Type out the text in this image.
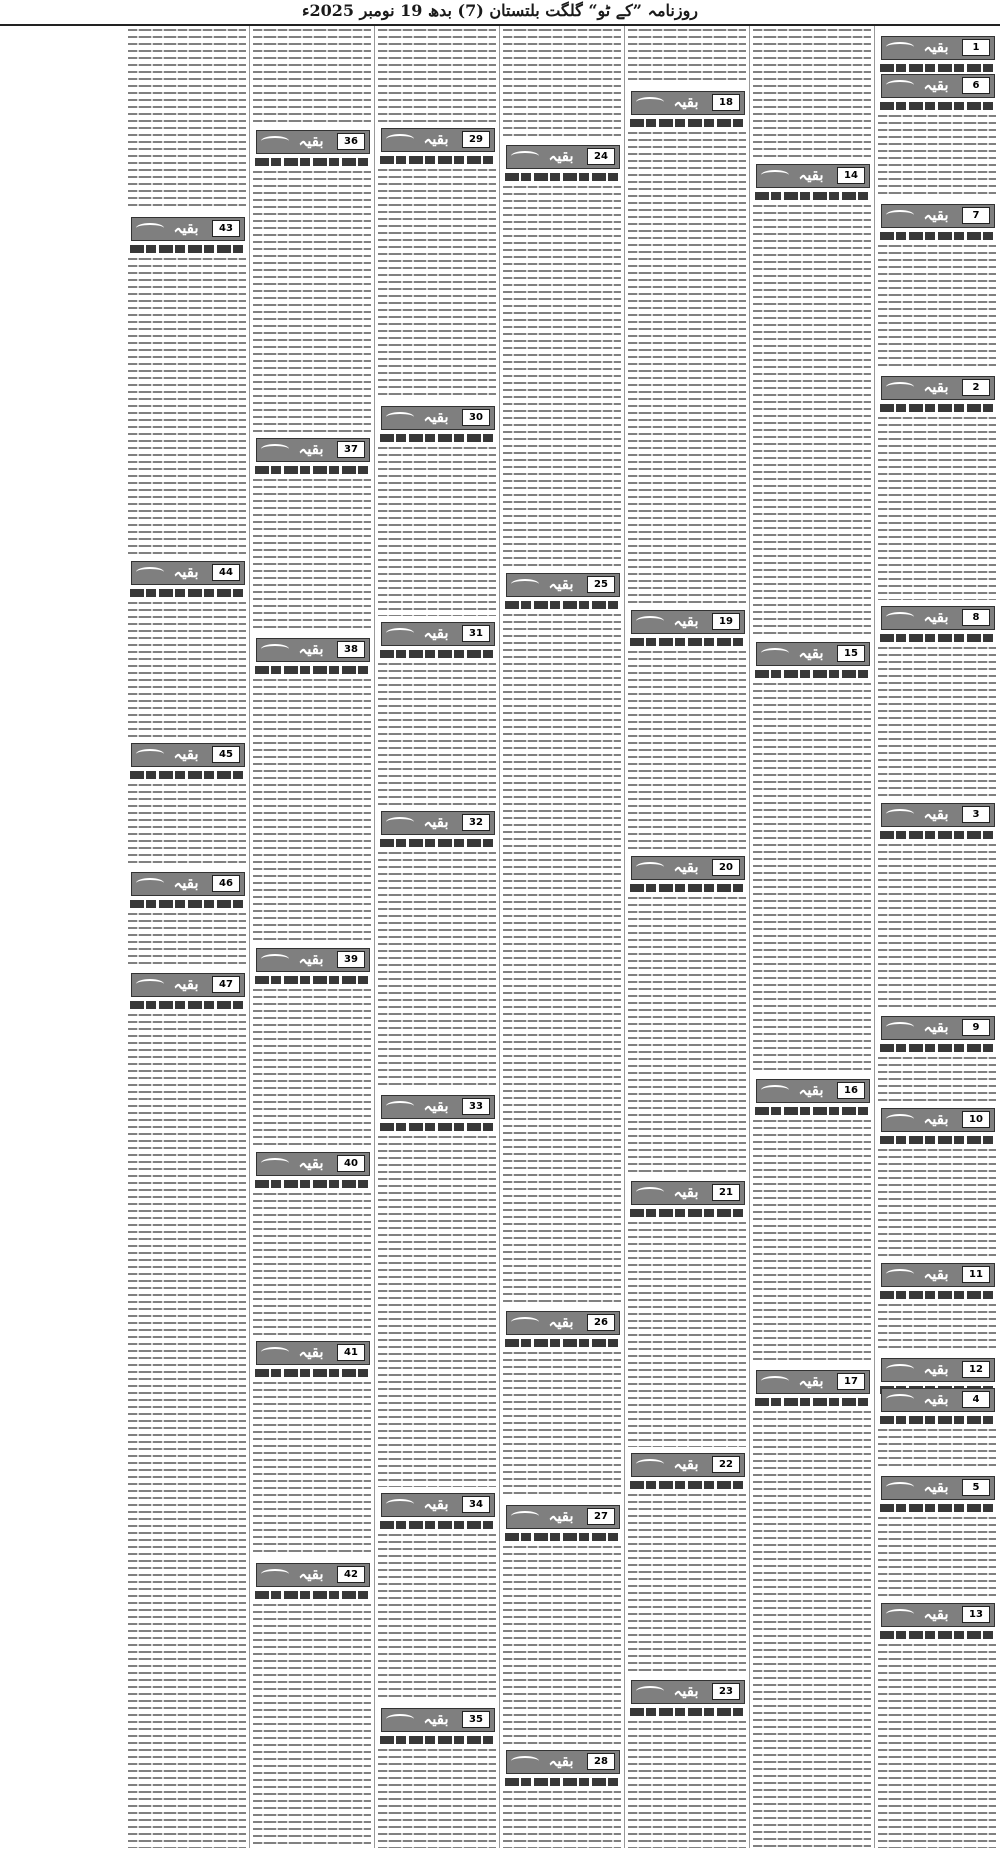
روزنامہ ”کے ٹو“ گلگت بلتستان (7) بدھ 19 نومبر 2025ء
بقیہ	1
بقیہ	6
بقیہ	7
بقیہ	2
بقیہ	8
بقیہ	3
بقیہ	9
بقیہ	10
بقیہ	11
بقیہ	12
بقیہ	4
بقیہ	5
بقیہ	13
بقیہ	14
بقیہ	15
بقیہ	16
بقیہ	17
بقیہ	18
بقیہ	19
بقیہ	20
بقیہ	21
بقیہ	22
بقیہ	23
بقیہ	24
بقیہ	25
بقیہ	26
بقیہ	27
بقیہ	28
بقیہ	29
بقیہ	30
بقیہ	31
بقیہ	32
بقیہ	33
بقیہ	34
بقیہ	35
بقیہ	36
بقیہ	37
بقیہ	38
بقیہ	39
بقیہ	40
بقیہ	41
بقیہ	42
بقیہ	43
بقیہ	44
بقیہ	45
بقیہ	46
بقیہ	47
